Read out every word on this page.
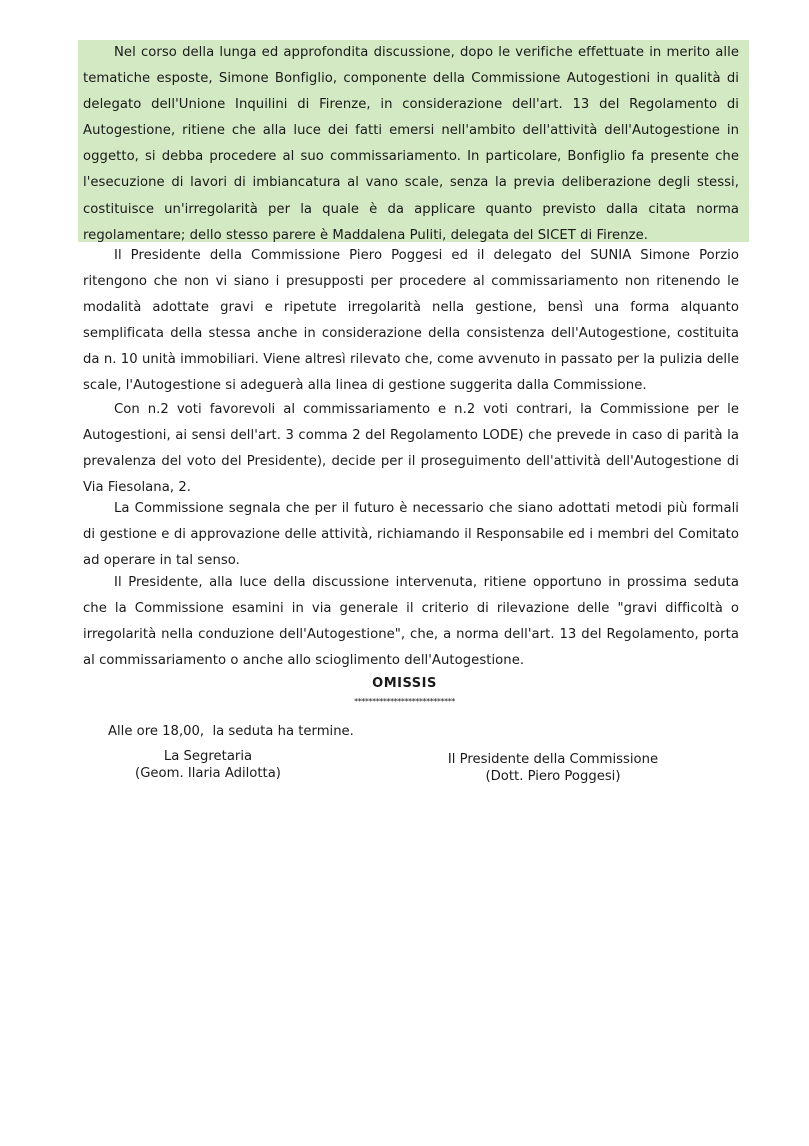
Nel corso della lunga ed approfondita discussione, dopo le verifiche effettuate in merito alle tematiche esposte, Simone Bonfiglio, componente della Commissione Autogestioni in qualità di delegato dell'Unione Inquilini di Firenze, in considerazione dell'art. 13 del Regolamento di Autogestione, ritiene che alla luce dei fatti emersi nell'ambito dell'attività dell'Autogestione in oggetto, si debba procedere al suo commissariamento. In particolare, Bonfiglio fa presente che l'esecuzione di lavori di imbiancatura al vano scale, senza la previa deliberazione degli stessi, costituisce un'irregolarità per la quale è da applicare quanto previsto dalla citata norma regolamentare; dello stesso parere è Maddalena Puliti, delegata del SICET di Firenze.

Il Presidente della Commissione Piero Poggesi ed il delegato del SUNIA Simone Porzio ritengono che non vi siano i presupposti per procedere al commissariamento non ritenendo le modalità adottate gravi e ripetute irregolarità nella gestione, bensì una forma alquanto semplificata della stessa anche in considerazione della consistenza dell'Autogestione, costituita da n. 10 unità immobiliari. Viene altresì rilevato che, come avvenuto in passato per la pulizia delle scale, l'Autogestione si adeguerà alla linea di gestione suggerita dalla Commissione.

Con n.2 voti favorevoli al commissariamento e n.2 voti contrari, la Commissione per le Autogestioni, ai sensi dell'art. 3 comma 2 del Regolamento LODE) che prevede in caso di parità la prevalenza del voto del Presidente), decide per il proseguimento dell'attività dell'Autogestione di Via Fiesolana, 2.

La Commissione segnala che per il futuro è necessario che siano adottati metodi più formali di gestione e di approvazione delle attività, richiamando il Responsabile ed i membri del Comitato ad operare in tal senso.

Il Presidente, alla luce della discussione intervenuta, ritiene opportuno in prossima seduta che la Commissione esamini in via generale il criterio di rilevazione delle "gravi difficoltà o irregolarità nella conduzione dell'Autogestione", che, a norma dell'art. 13 del Regolamento, porta al commissariamento o anche allo scioglimento dell'Autogestione.

OMISSIS
****************************
Alle ore 18,00,  la seduta ha termine.
La Segretaria
(Geom. Ilaria Adilotta)
Il Presidente della Commissione
(Dott. Piero Poggesi)
